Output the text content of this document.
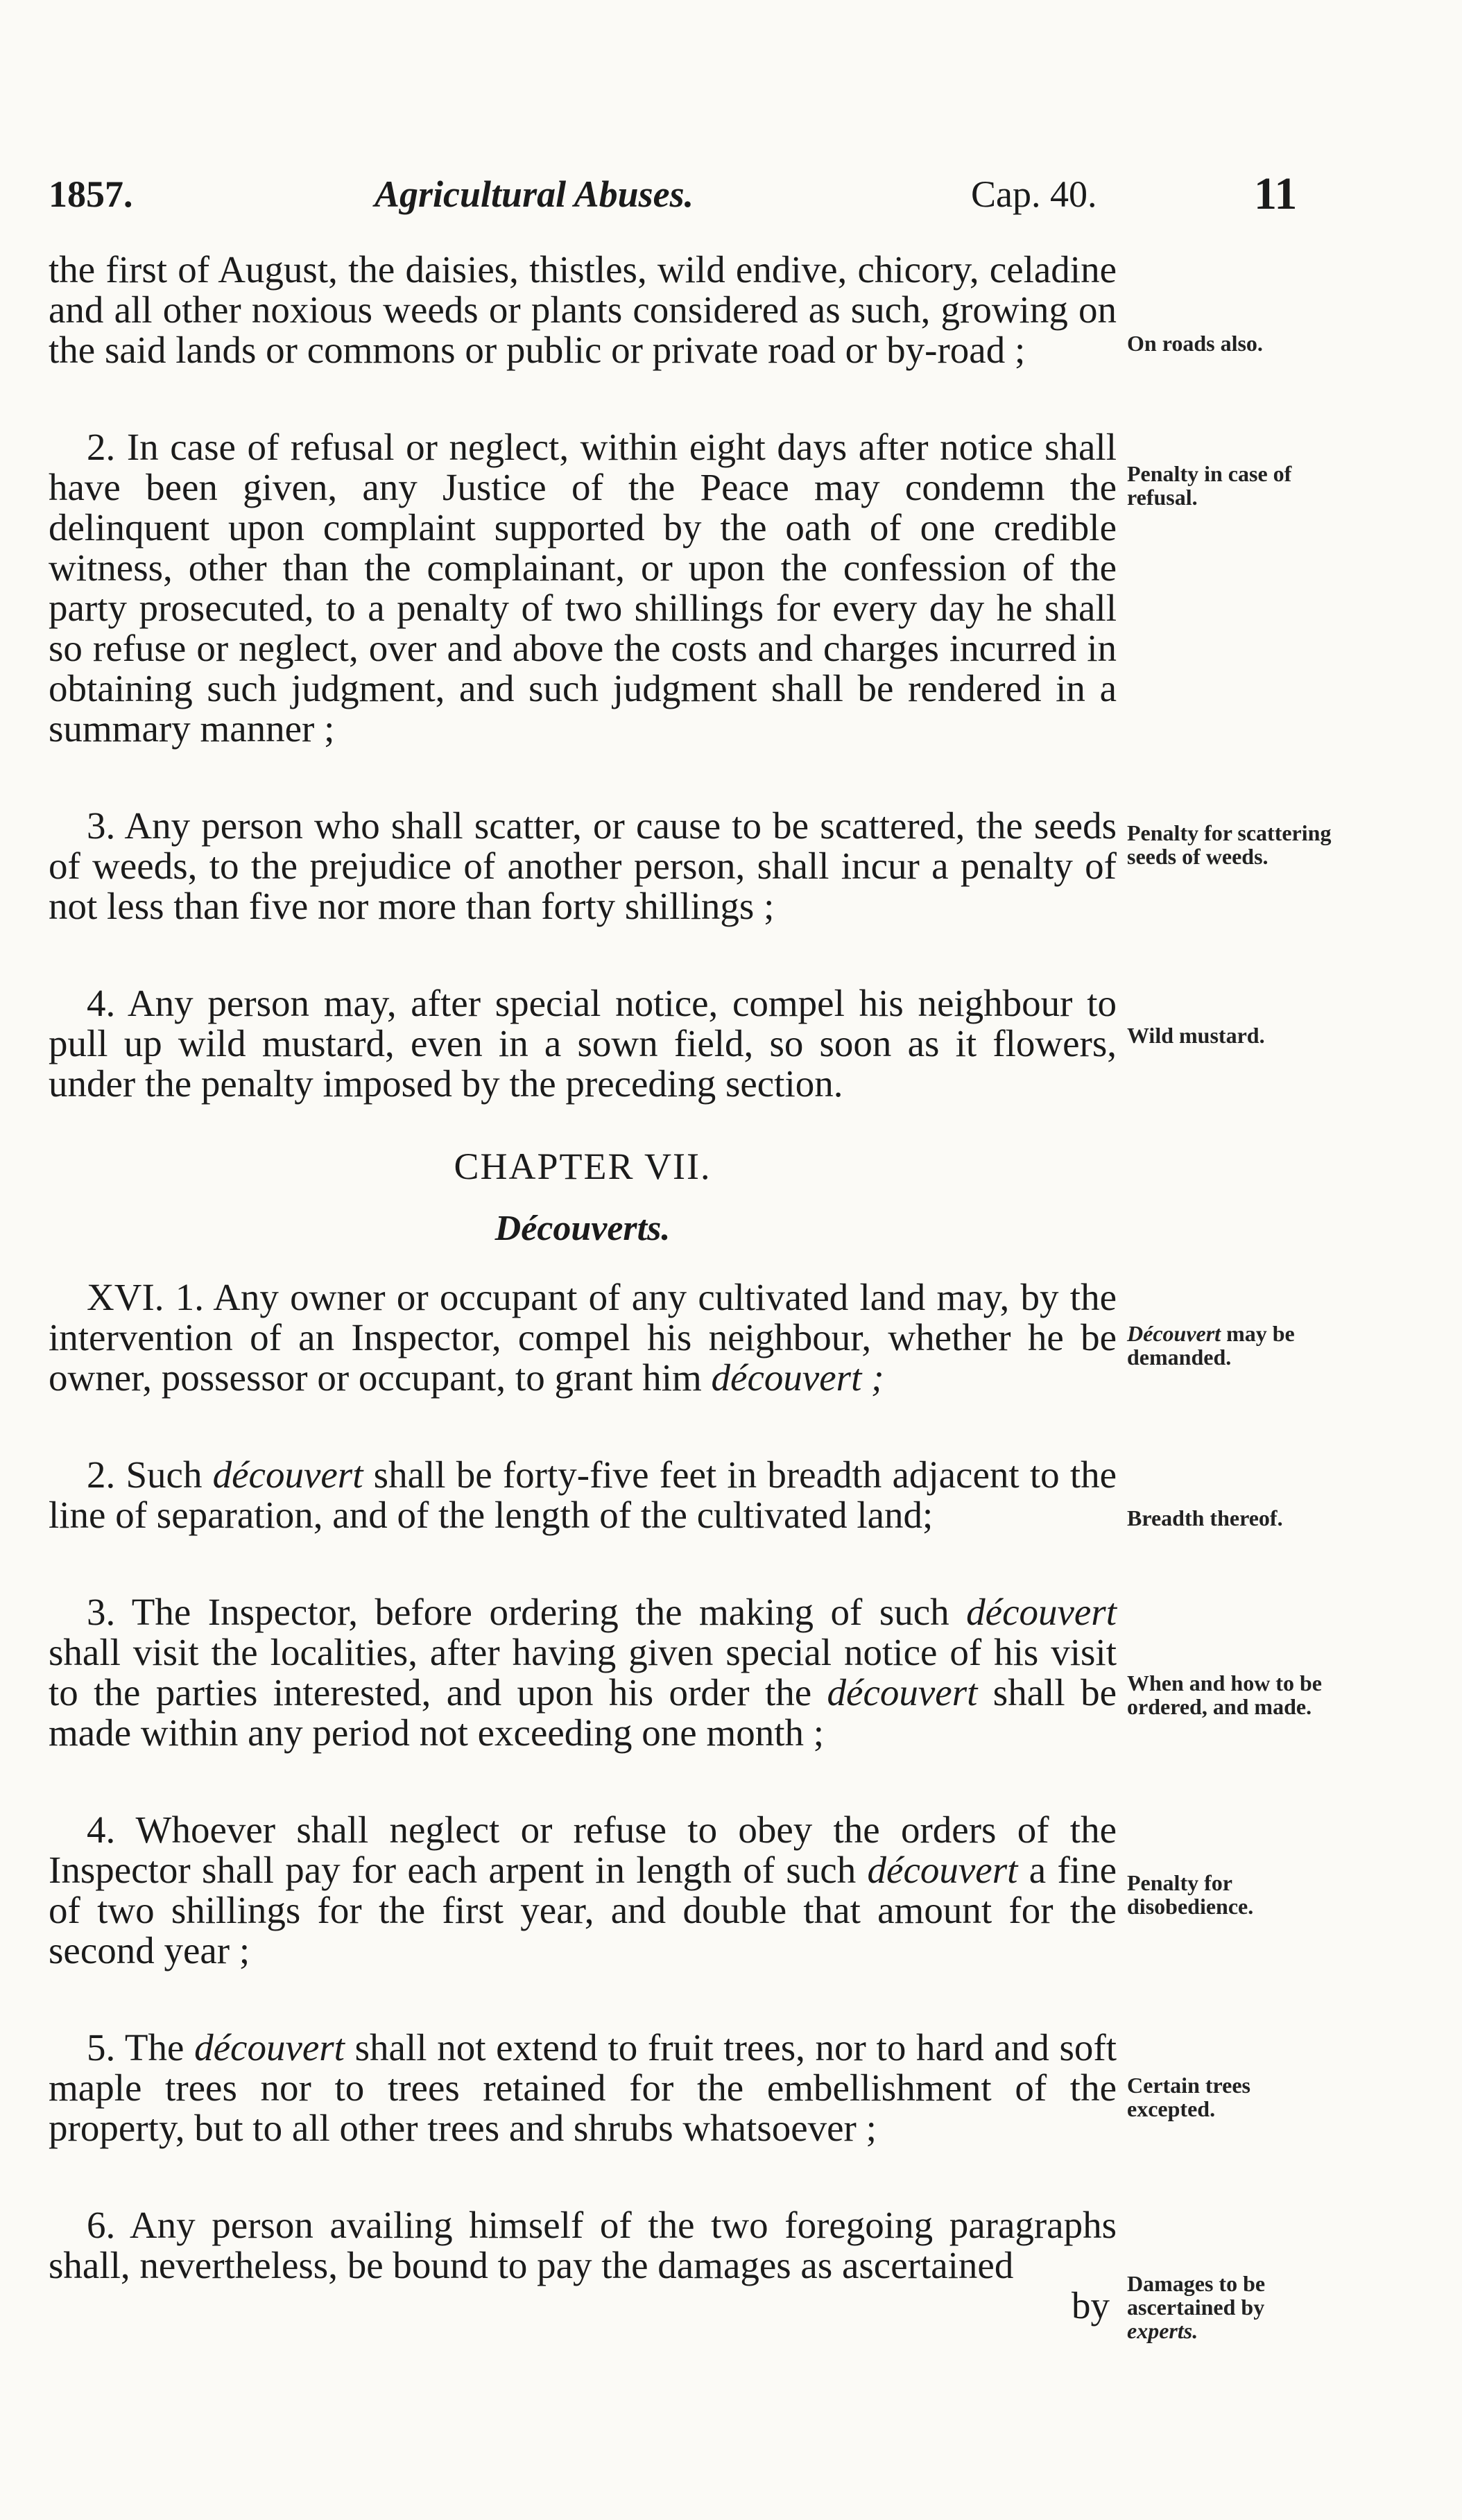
1857.	Agricultural Abuses.	Cap. 40.	11

the first of August, the daisies, thistles, wild endive, chicory, celadine and all other noxious weeds or plants considered as such, growing on the said lands or commons or public or private road or by-road ;

2. In case of refusal or neglect, within eight days after notice shall have been given, any Justice of the Peace may condemn the delinquent upon complaint supported by the oath of one credible witness, other than the complainant, or upon the confession of the party prosecuted, to a penalty of two shillings for every day he shall so refuse or neglect, over and above the costs and charges incurred in obtaining such judgment, and such judgment shall be rendered in a summary manner ;

3. Any person who shall scatter, or cause to be scattered, the seeds of weeds, to the prejudice of another person, shall incur a penalty of not less than five nor more than forty shillings ;

4. Any person may, after special notice, compel his neighbour to pull up wild mustard, even in a sown field, so soon as it flowers, under the penalty imposed by the preceding section.

CHAPTER VII.
Découverts.

XVI. 1. Any owner or occupant of any cultivated land may, by the intervention of an Inspector, compel his neighbour, whether he be owner, possessor or occupant, to grant him découvert ;

2. Such découvert shall be forty-five feet in breadth adjacent to the line of separation, and of the length of the cultivated land;

3. The Inspector, before ordering the making of such découvert shall visit the localities, after having given special notice of his visit to the parties interested, and upon his order the découvert shall be made within any period not exceeding one month ;

4. Whoever shall neglect or refuse to obey the orders of the Inspector shall pay for each arpent in length of such découvert a fine of two shillings for the first year, and double that amount for the second year ;

5. The découvert shall not extend to fruit trees, nor to hard and soft maple trees nor to trees retained for the embellishment of the property, but to all other trees and shrubs whatsoever ;

6. Any person availing himself of the two foregoing paragraphs shall, nevertheless, be bound to pay the damages as ascertained

by
On roads also.
Penalty in case of refusal.
Penalty for scattering seeds of weeds.
Wild mustard.
Découvert may be demanded.
Breadth thereof.
When and how to be ordered, and made.
Penalty for disobedience.
Certain trees excepted.
Damages to be ascertained by experts.
